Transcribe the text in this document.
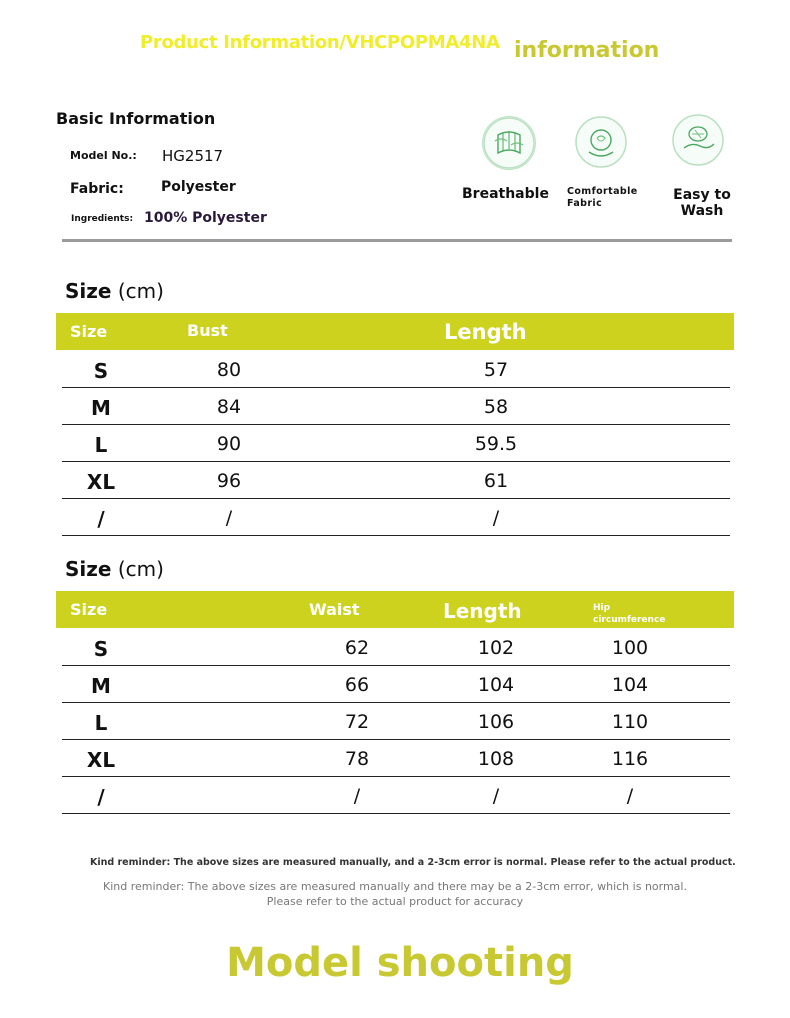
Product Information/VHCPOPMA4NA information
Basic Information
Model No.: HG2517
Fabric:	Polyester
Ingredients: 100% Polyester
Breathable Comfortable
Fabric
Easy to Wash
Size (cm)
Size	Bust	Length
S	80	57
M	84	58
L	90	59.5
XL	96	61
/	/	/
Size (cm)
Size	Waist	Length	Hip
circumference
S	62	102	100
M	66	104	104
L	72	106	110
XL	78	108	116
/	/	/	/
Kind reminder: The above sizes are measured manually, and a 2-3cm error is normal. Please refer to the actual product.
Kind reminder: The above sizes are measured manually and there may be a 2-3cm error, which is normal.
Please refer to the actual product for accuracy
Model shooting
